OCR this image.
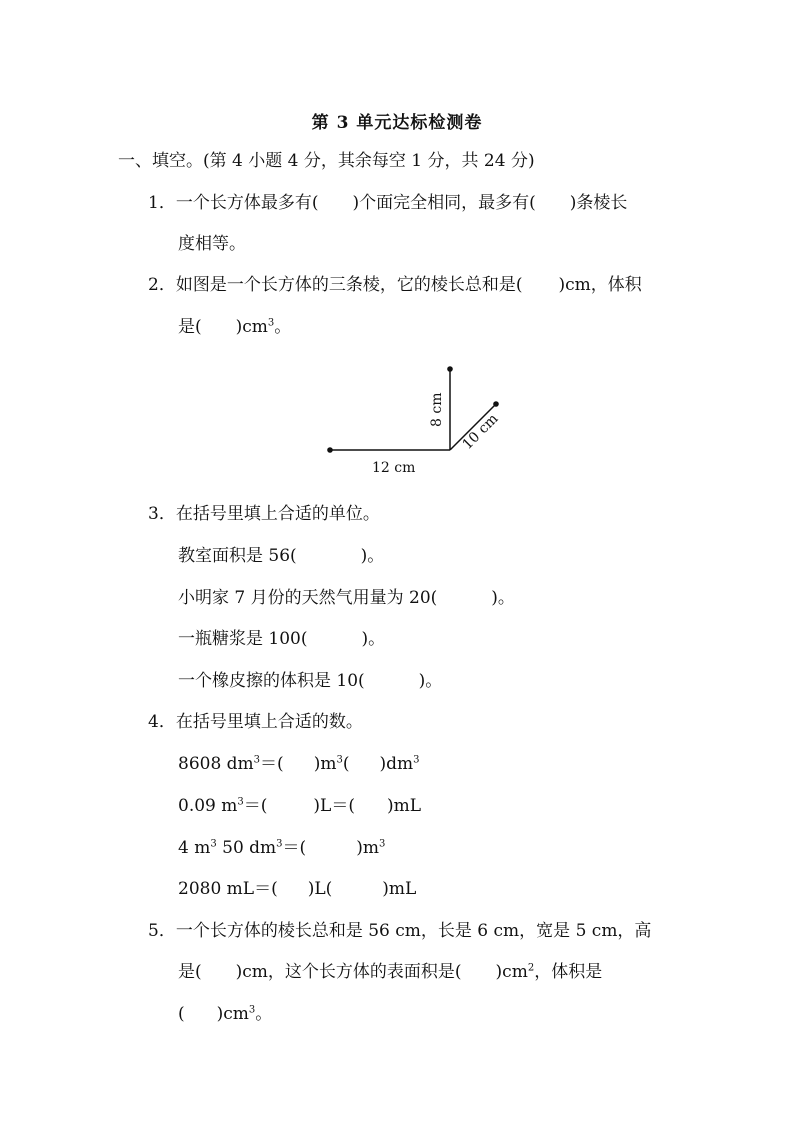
第 3 单元达标检测卷
一、填空。(第 4 小题 4 分，其余每空 1 分，共 24 分)
1．一个长方体最多有( )个面完全相同，最多有( )条棱长
度相等。
2．如图是一个长方体的三条棱，它的棱长总和是( )cm，体积
是( )$cm^3$。
12 cm
8 cm
10 cm
3．在括号里填上合适的单位。
教室面积是 56(	)。
小明家 7 月份的天然气用量为 20(	)。
一瓶糖浆是 100(	)。
一个橡皮擦的体积是 10(	)。
4．在括号里填上合适的数。
8608 $dm^3=$( )$m^3$( )$dm^3$
0.09 $m^3=$(	)L＝( )mL
4 $m^3$ 50 $dm^3=$(	)$m^3$
2080 mL＝( )L(	)mL
5．一个长方体的棱长总和是 56 cm，长是 6 cm，宽是 5 cm，高
是( )cm，这个长方体的表面积是( )$cm^2$，体积是
( )$cm^3$。
